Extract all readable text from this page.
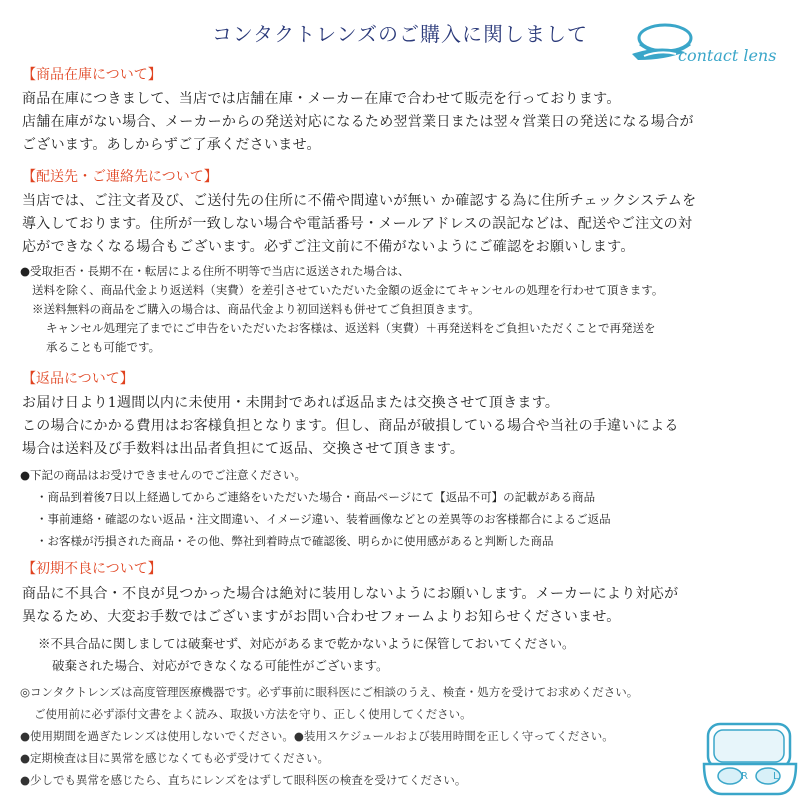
コンタクトレンズのご購入に関しまして
contact lens
【商品在庫について】
商品在庫につきまして、当店では店舗在庫・メーカー在庫で合わせて販売を行っております。
店舗在庫がない場合、メーカーからの発送対応になるため翌営業日または翌々営業日の発送になる場合が
ございます。あしからずご了承くださいませ。
【配送先・ご連絡先について】
当店では、ご注文者及び、ご送付先の住所に不備や間違いが無い か確認する為に住所チェックシステムを
導入しております。住所が一致しない場合や電話番号・メールアドレスの誤記などは、配送やご注文の対
応ができなくなる場合もございます。必ずご注文前に不備がないようにご確認をお願いします。
●受取拒否・長期不在・転居による住所不明等で当店に返送された場合は、
送料を除く、商品代金より返送料（実費）を差引させていただいた金額の返金にてキャンセルの処理を行わせて頂きます。
※送料無料の商品をご購入の場合は、商品代金より初回送料も併せてご負担頂きます。
キャンセル処理完了までにご申告をいただいたお客様は、返送料（実費）＋再発送料をご負担いただくことで再発送を
承ることも可能です。
【返品について】
お届け日より1週間以内に未使用・未開封であれば返品または交換させて頂きます。
この場合にかかる費用はお客様負担となります。但し、商品が破損している場合や当社の手違いによる
場合は送料及び手数料は出品者負担にて返品、交換させて頂きます。
●下記の商品はお受けできませんのでご注意ください。
・商品到着後7日以上経過してからご連絡をいただいた場合・商品ページにて【返品不可】の記載がある商品
・事前連絡・確認のない返品・注文間違い、イメージ違い、装着画像などとの差異等のお客様都合によるご返品
・お客様が汚損された商品・その他、弊社到着時点で確認後、明らかに使用感があると判断した商品
【初期不良について】
商品に不具合・不良が見つかった場合は絶対に装用しないようにお願いします。メーカーにより対応が
異なるため、大変お手数ではございますがお問い合わせフォームよりお知らせくださいませ。
※不具合品に関しましては破棄せず、対応があるまで乾かないように保管しておいてください。
破棄された場合、対応ができなくなる可能性がございます。
◎コンタクトレンズは高度管理医療機器です。必ず事前に眼科医にご相談のうえ、検査・処方を受けてお求めください。
ご使用前に必ず添付文書をよく読み、取扱い方法を守り、正しく使用してください。
●使用期間を過ぎたレンズは使用しないでください。●装用スケジュールおよび装用時間を正しく守ってください。
●定期検査は目に異常を感じなくても必ず受けてください。
●少しでも異常を感じたら、直ちにレンズをはずして眼科医の検査を受けてください。	R	L
